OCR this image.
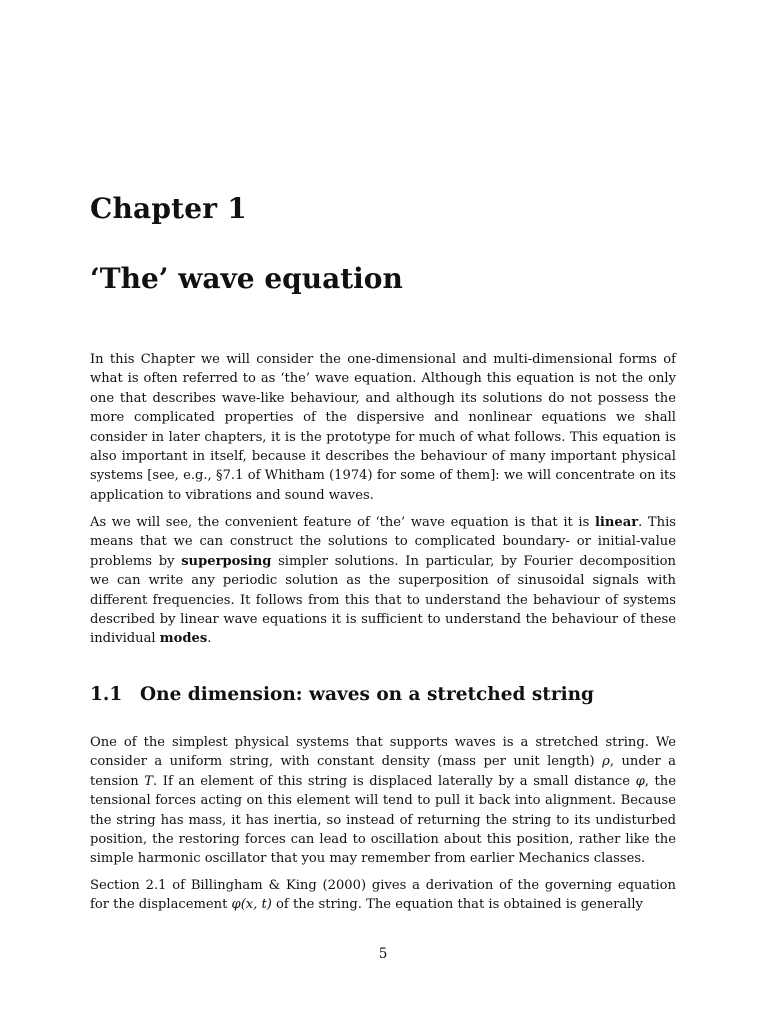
Chapter 1
‘The’ wave equation

In this Chapter we will consider the one-dimensional and multi-dimensional forms of what is often referred to as ‘the’ wave equation. Although this equation is not the only one that describes wave-like behaviour, and although its solutions do not possess the more complicated properties of the dispersive and nonlinear equations we shall consider in later chapters, it is the prototype for much of what follows. This equation is also important in itself, because it describes the behaviour of many important physical systems [see, e.g., §7.1 of Whitham (1974) for some of them]: we will concentrate on its application to vibrations and sound waves.

As we will see, the convenient feature of ‘the’ wave equation is that it is linear. This means that we can construct the solutions to complicated boundary- or initial-value problems by superposing simpler solutions. In particular, by Fourier decomposition we can write any periodic solution as the superposition of sinusoidal signals with different frequencies. It follows from this that to understand the behaviour of systems described by linear wave equations it is sufficient to understand the behaviour of these individual modes.

1.1 One dimension: waves on a stretched string

One of the simplest physical systems that supports waves is a stretched string. We consider a uniform string, with constant density (mass per unit length) ρ, under a tension T. If an element of this string is displaced laterally by a small distance φ, the tensional forces acting on this element will tend to pull it back into alignment. Because the string has mass, it has inertia, so instead of returning the string to its undisturbed position, the restoring forces can lead to oscillation about this position, rather like the simple harmonic oscillator that you may remember from earlier Mechanics classes.

Section 2.1 of Billingham & King (2000) gives a derivation of the governing equation for the displacement φ(x, t) of the string. The equation that is obtained is generally

5
